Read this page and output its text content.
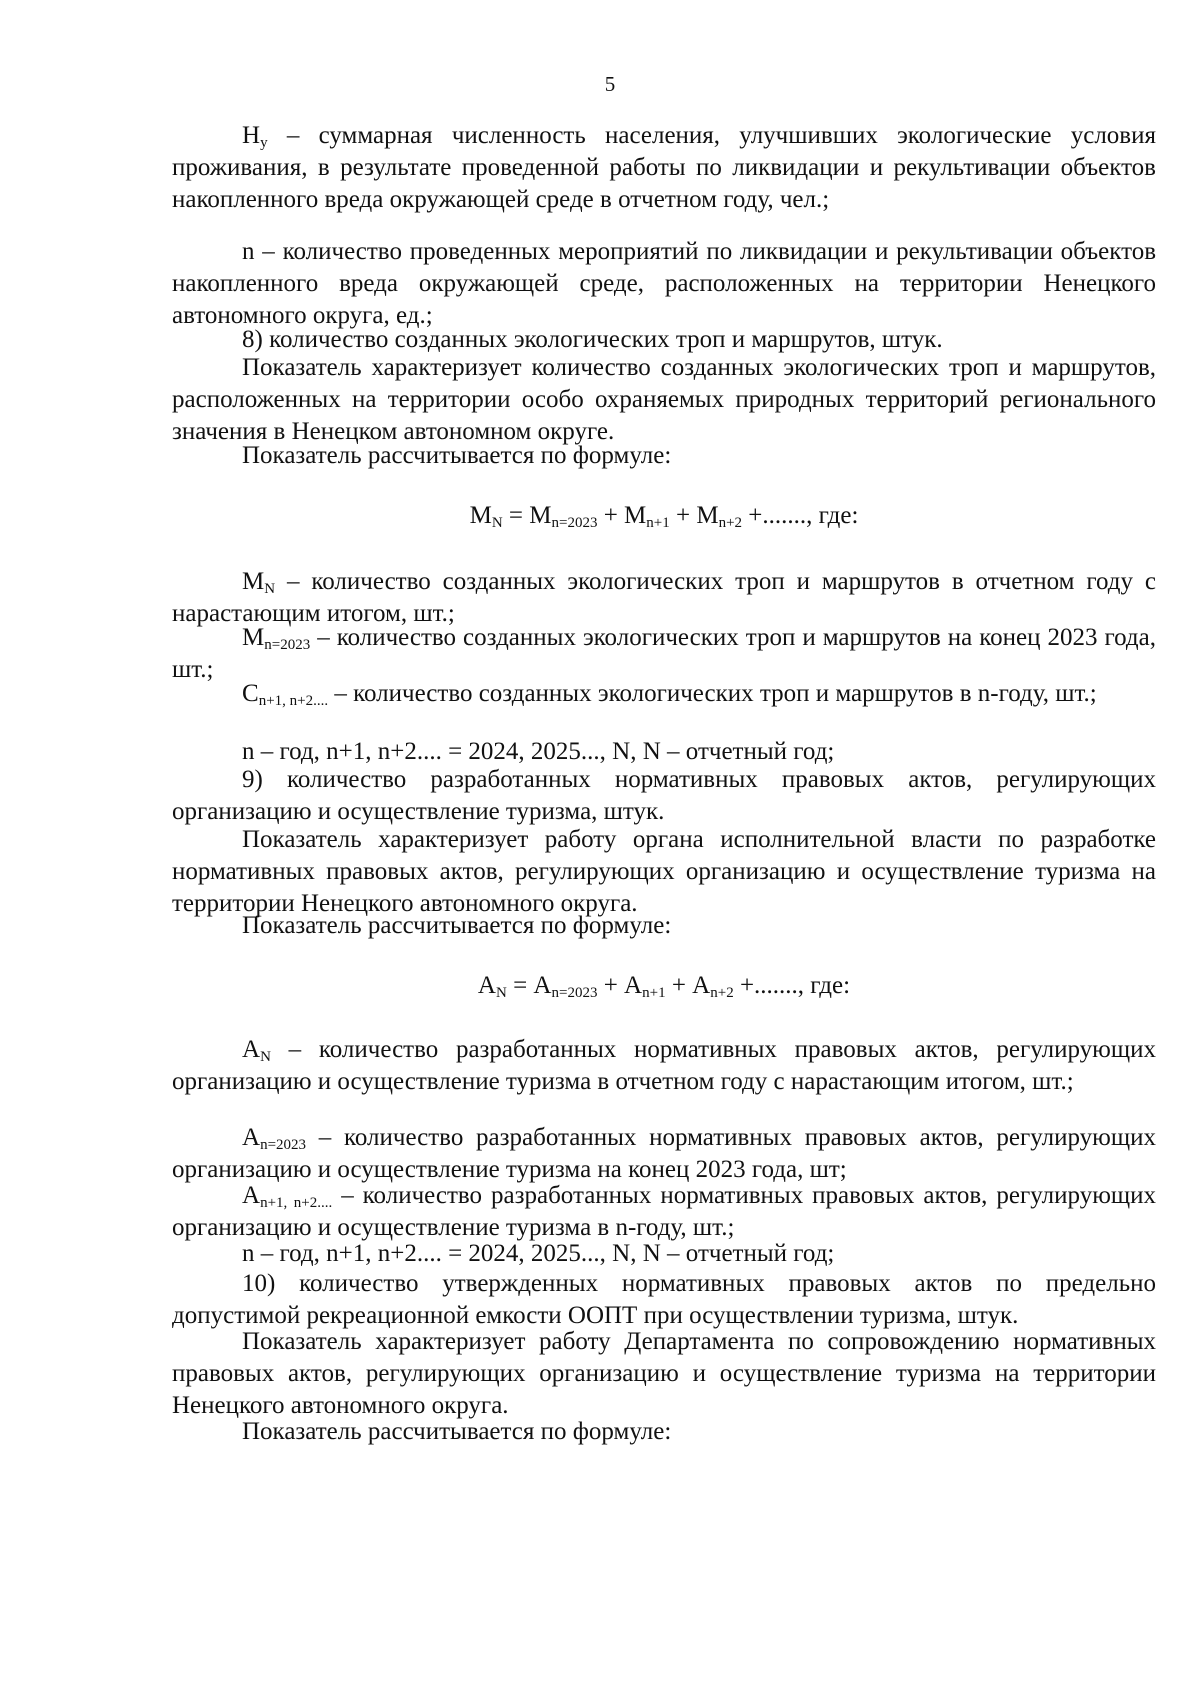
5

$Н_у$ – суммарная численность населения, улучшивших экологические условия проживания, в результате проведенной работы по ликвидации и рекультивации объектов накопленного вреда окружающей среде в отчетном году, чел.;

n – количество проведенных мероприятий по ликвидации и рекультивации объектов накопленного вреда окружающей среде, расположенных на территории Ненецкого автономного округа, ед.;

8) количество созданных экологических троп и маршрутов, штук.

Показатель характеризует количество созданных экологических троп и маршрутов, расположенных на территории особо охраняемых природных территорий регионального значения в Ненецком автономном округе.

Показатель рассчитывается по формуле:

$М_N = М_{n=2023} + М_{n+1} + М_{n+2}$ +......., где:

$М_N$ – количество созданных экологических троп и маршрутов в отчетном году с нарастающим итогом, шт.;

$М_{n=2023}$ – количество созданных экологических троп и маршрутов на конец 2023 года, шт.;

$С_{n+1, n+2....}$ – количество созданных экологических троп и маршрутов в n-году, шт.;

n – год, n+1, n+2.... = 2024, 2025..., N, N – отчетный год;

9) количество разработанных нормативных правовых актов, регулирующих организацию и осуществление туризма, штук.

Показатель характеризует работу органа исполнительной власти по разработке нормативных правовых актов, регулирующих организацию и осуществление туризма на территории Ненецкого автономного округа.

Показатель рассчитывается по формуле:

$А_N = А_{n=2023} + А_{n+1} + А_{n+2}$ +......., где:

$А_N$ – количество разработанных нормативных правовых актов, регулирующих организацию и осуществление туризма в отчетном году с нарастающим итогом, шт.;

$А_{n=2023}$ – количество разработанных нормативных правовых актов, регулирующих организацию и осуществление туризма на конец 2023 года, шт;

$А_{n+1, n+2....}$ – количество разработанных нормативных правовых актов, регулирующих организацию и осуществление туризма в n-году, шт.;

n – год, n+1, n+2.... = 2024, 2025..., N, N – отчетный год;

10) количество утвержденных нормативных правовых актов по предельно допустимой рекреационной емкости ООПТ при осуществлении туризма, штук.

Показатель характеризует работу Департамента по сопровождению нормативных правовых актов, регулирующих организацию и осуществление туризма на территории Ненецкого автономного округа.

Показатель рассчитывается по формуле:
